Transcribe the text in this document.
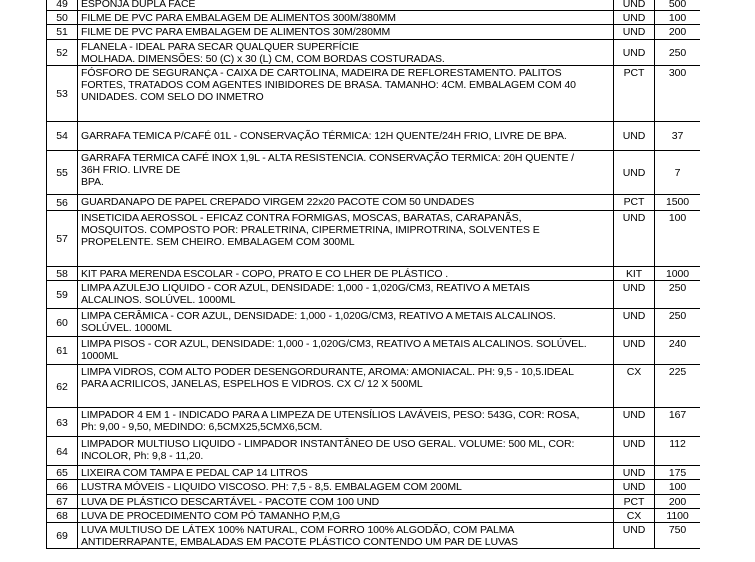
49	ESPONJA DUPLA FACE	UND	500
50	FILME DE PVC PARA EMBALAGEM DE ALIMENTOS 300M/380MM	UND	100
51	FILME DE PVC PARA EMBALAGEM DE ALIMENTOS 30M/280MM	UND	200
52	FLANELA - IDEAL PARA SECAR QUALQUER SUPERFÍCIE
MOLHADA. DIMENSÕES: 50 (C) x 30 (L) CM, COM BORDAS COSTURADAS.	UND	250
53	FÓSFORO DE SEGURANÇA - CAIXA DE CARTOLINA, MADEIRA DE REFLORESTAMENTO. PALITOS
FORTES, TRATADOS COM AGENTES INIBIDORES DE BRASA. TAMANHO: 4CM. EMBALAGEM COM 40
UNIDADES. COM SELO DO INMETRO	PCT	300
54	GARRAFA TEMICA P/CAFÉ 01L - CONSERVAÇÃO TÉRMICA: 12H QUENTE/24H FRIO, LIVRE DE BPA.	UND	37
55	GARRAFA TERMICA CAFÉ INOX 1,9L - ALTA RESISTENCIA. CONSERVAÇÃO TERMICA: 20H QUENTE /
36H FRIO. LIVRE DE
BPA.	UND	7
56	GUARDANAPO DE PAPEL CREPADO VIRGEM 22x20 PACOTE COM 50 UNDADES	PCT	1500
57	INSETICIDA AEROSSOL - EFICAZ CONTRA FORMIGAS, MOSCAS, BARATAS, CARAPANÃS,
MOSQUITOS. COMPOSTO POR: PRALETRINA, CIPERMETRINA, IMIPROTRINA, SOLVENTES E
PROPELENTE. SEM CHEIRO. EMBALAGEM COM 300ML	UND	100
58	KIT PARA MERENDA ESCOLAR - COPO, PRATO E CO LHER DE PLÁSTICO .	KIT	1000
59	LIMPA AZULEJO LIQUIDO - COR AZUL, DENSIDADE: 1,000 - 1,020G/CM3, REATIVO A METAIS
ALCALINOS. SOLÚVEL. 1000ML	UND	250
60	LIMPA CERÂMICA - COR AZUL, DENSIDADE: 1,000 - 1,020G/CM3, REATIVO A METAIS ALCALINOS.
SOLÚVEL. 1000ML	UND	250
61	LIMPA PISOS - COR AZUL, DENSIDADE: 1,000 - 1,020G/CM3, REATIVO A METAIS ALCALINOS. SOLÚVEL.
1000ML	UND	240
62	LIMPA VIDROS, COM ALTO PODER DESENGORDURANTE, AROMA: AMONIACAL. PH: 9,5 - 10,5.IDEAL
PARA ACRILICOS, JANELAS, ESPELHOS E VIDROS. CX C/ 12 X 500ML	CX	225
63	LIMPADOR 4 EM 1 - INDICADO PARA A LIMPEZA DE UTENSÍLIOS LAVÁVEIS, PESO: 543G, COR: ROSA,
Ph: 9,00 - 9,50, MEDINDO: 6,5CMX25,5CMX6,5CM.	UND	167
64	LIMPADOR MULTIUSO LIQUIDO - LIMPADOR INSTANTÂNEO DE USO GERAL. VOLUME: 500 ML, COR:
INCOLOR, Ph: 9,8 - 11,20.	UND	112
65	LIXEIRA COM TAMPA E PEDAL CAP 14 LITROS	UND	175
66	LUSTRA MÓVEIS - LIQUIDO VISCOSO. PH: 7,5 - 8,5. EMBALAGEM COM 200ML	UND	100
67	LUVA DE PLÁSTICO DESCARTÁVEL - PACOTE COM 100 UND	PCT	200
68	LUVA DE PROCEDIMENTO COM PÓ TAMANHO P,M,G	CX	1100
69	LUVA MULTIUSO DE LÁTEX 100% NATURAL, COM FORRO 100% ALGODÃO, COM PALMA
ANTIDERRAPANTE, EMBALADAS EM PACOTE PLÁSTICO CONTENDO UM PAR DE LUVAS	UND	750
